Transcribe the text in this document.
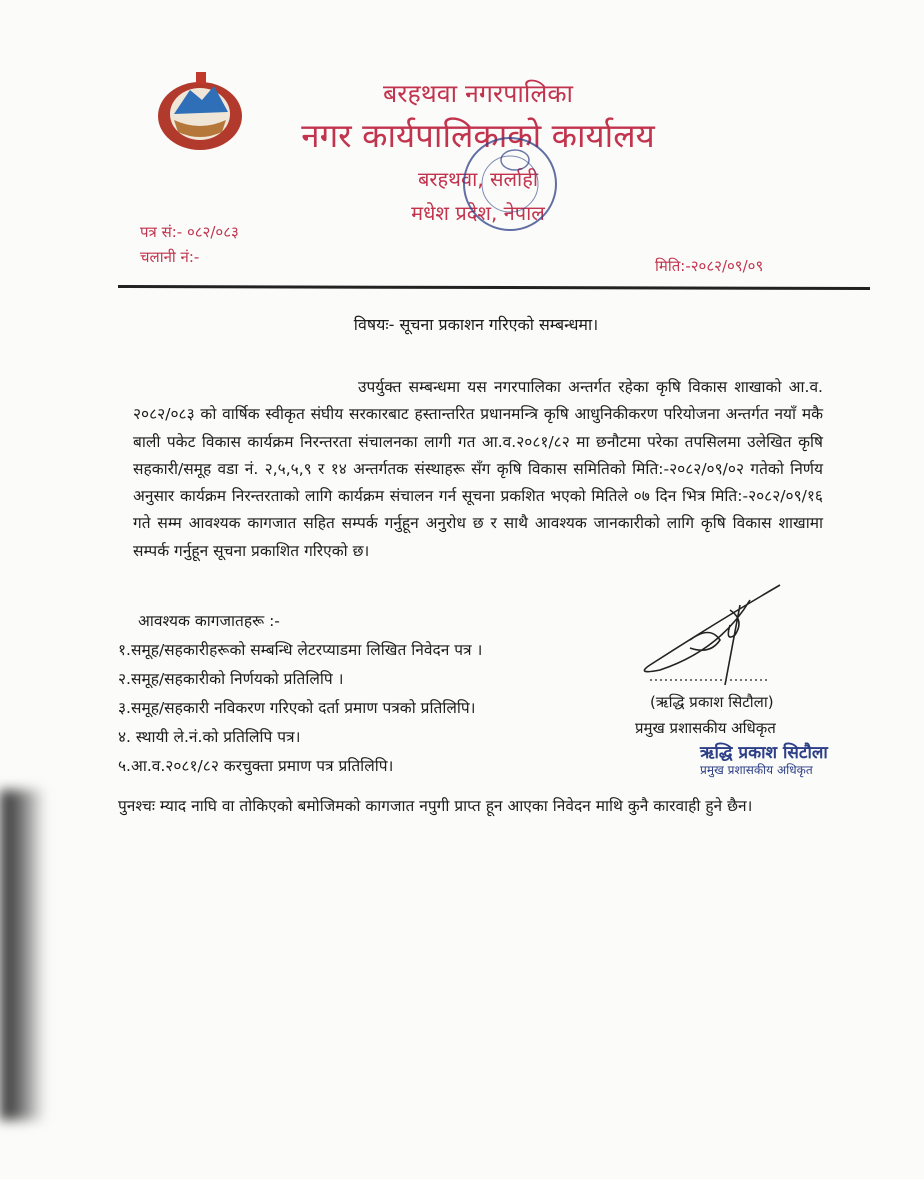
बरहथवा नगरपालिका
नगर कार्यपालिकाको कार्यालय
बरहथवा, सर्लाही
मधेश प्रदेश, नेपाल
पत्र सं:- ०८२/०८३
चलानी नं:-	मिति:-२०८२/०९/०९
विषयः- सूचना प्रकाशन गरिएको सम्बन्धमा।

उपर्युक्त सम्बन्धमा यस नगरपालिका अन्तर्गत रहेका कृषि विकास शाखाको आ.व. २०८२/०८३ को वार्षिक स्वीकृत संघीय सरकारबाट हस्तान्तरित प्रधानमन्त्रि कृषि आधुनिकीकरण परियोजना अन्तर्गत नयाँ मकै बाली पकेट विकास कार्यक्रम निरन्तरता संचालनका लागी गत आ.व.२०८१/८२ मा छनौटमा परेका तपसिलमा उलेखित कृषि सहकारी/समूह वडा नं. २,५,५,९ र १४ अन्तर्गतक संस्थाहरू सँग कृषि विकास समितिको मिति:-२०८२/०९/०२ गतेको निर्णय अनुसार कार्यक्रम निरन्तरताको लागि कार्यक्रम संचालन गर्न सूचना प्रकशित भएको मितिले ०७ दिन भित्र मिति:-२०८२/०९/१६ गते सम्म आवश्यक कागजात सहित सम्पर्क गर्नुहून अनुरोध छ र साथै आवश्यक जानकारीको लागि कृषि विकास शाखामा सम्पर्क गर्नुहून सूचना प्रकाशित गरिएको छ।

आवश्यक कागजातहरू :-
१.समूह/सहकारीहरूको सम्बन्धि लेटरप्याडमा लिखित निवेदन पत्र ।
२.समूह/सहकारीको निर्णयको प्रतिलिपि ।
३.समूह/सहकारी नविकरण गरिएको दर्ता प्रमाण पत्रको प्रतिलिपि।
४. स्थायी ले.नं.को प्रतिलिपि पत्र।
५.आ.व.२०८१/८२ करचुक्ता प्रमाण पत्र प्रतिलिपि।
(ऋद्धि प्रकाश सिटौला)
प्रमुख प्रशासकीय अधिकृत
ऋद्धि प्रकाश सिटौला
प्रमुख प्रशासकीय अधिकृत
पुनश्चः म्याद नाघि वा तोकिएको बमोजिमको कागजात नपुगी प्राप्त हून आएका निवेदन माथि कुनै कारवाही हुने छैन।
